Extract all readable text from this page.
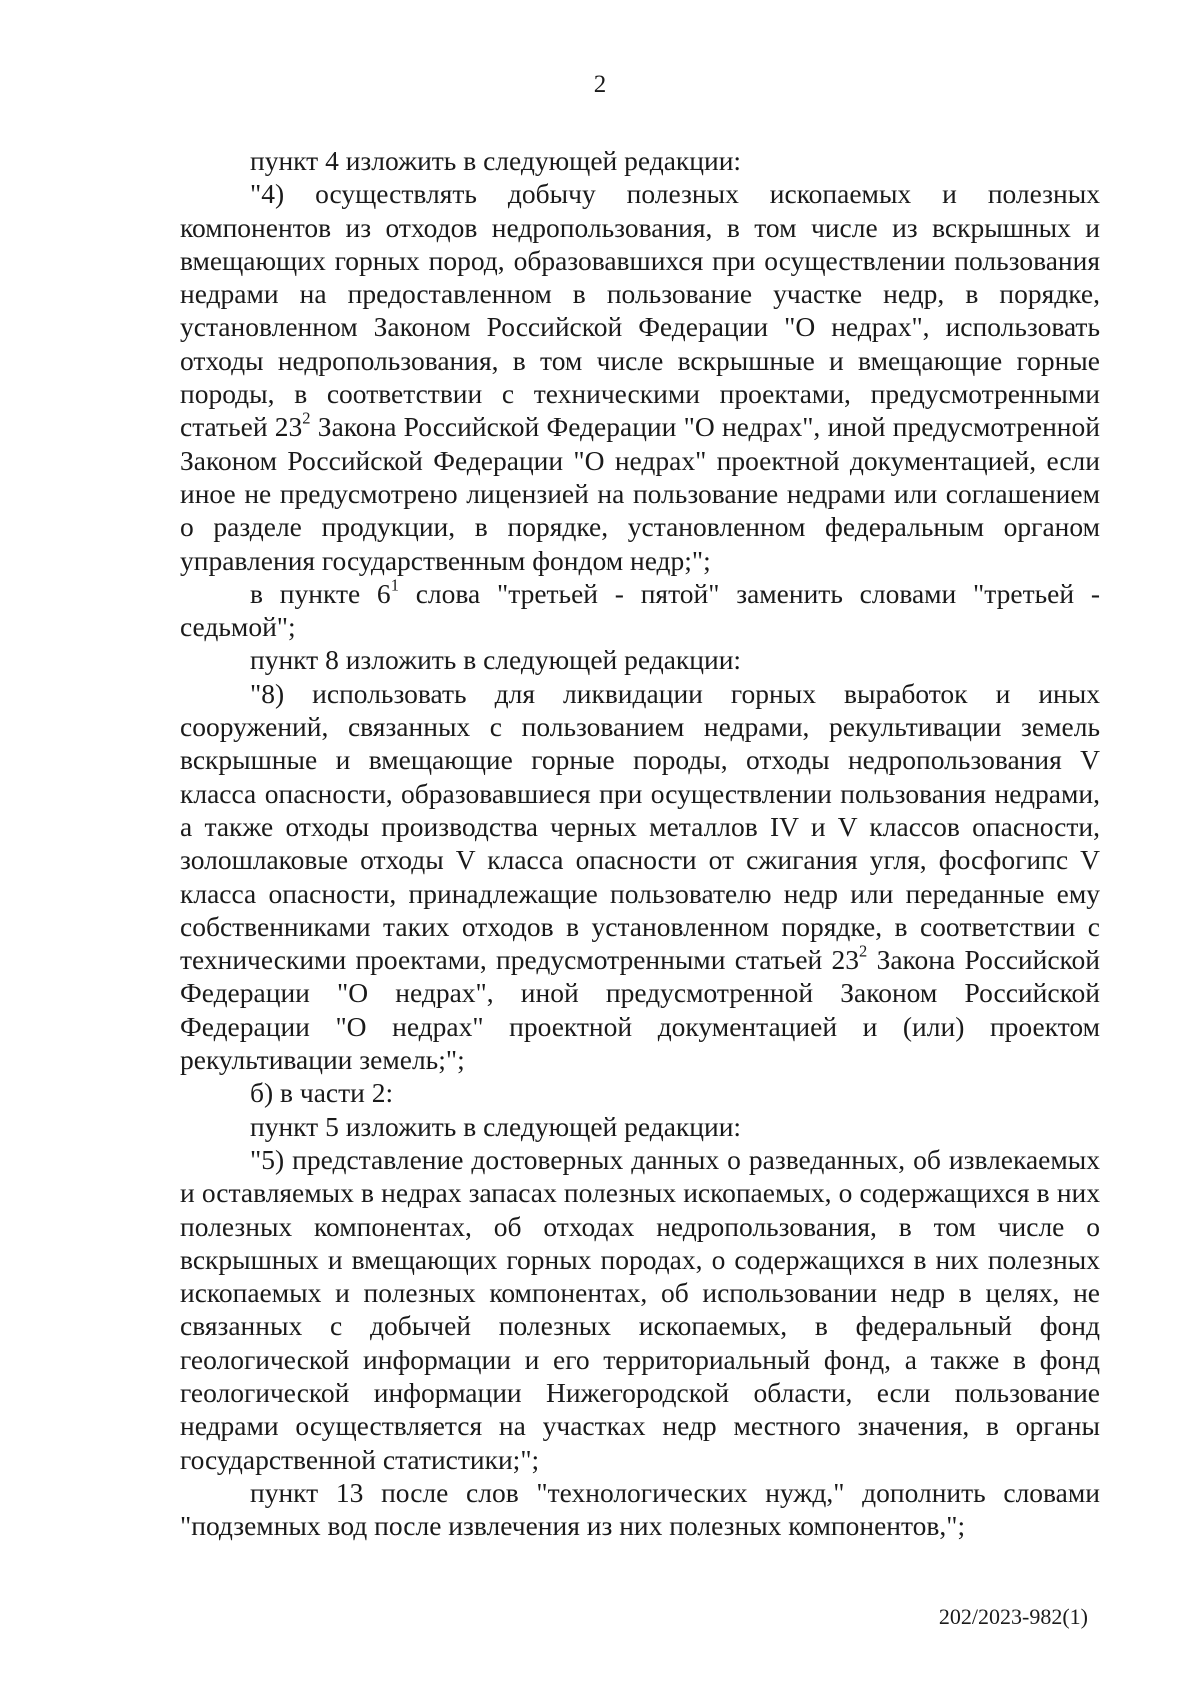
2

пункт 4 изложить в следующей редакции:

"4) осуществлять добычу полезных ископаемых и полезных компонентов из отходов недропользования, в том числе из вскрышных и вмещающих горных пород, образовавшихся при осуществлении пользования недрами на предоставленном в пользование участке недр, в порядке, установленном Законом Российской Федерации "О недрах", использовать отходы недропользования, в том числе вскрышные и вмещающие горные породы, в соответствии с техническими проектами, предусмотренными статьей $23^2$ Закона Российской Федерации "О недрах", иной предусмотренной Законом Российской Федерации "О недрах" проектной документацией, если иное не предусмотрено лицензией на пользование недрами или соглашением о разделе продукции, в порядке, установленном федеральным органом управления государственным фондом недр;";

в пункте $6^1$ слова "третьей - пятой" заменить словами "третьей - седьмой";

пункт 8 изложить в следующей редакции:

"8) использовать для ликвидации горных выработок и иных сооружений, связанных с пользованием недрами, рекультивации земель вскрышные и вмещающие горные породы, отходы недропользования V класса опасности, образовавшиеся при осуществлении пользования недрами, а также отходы производства черных металлов IV и V классов опасности, золошлаковые отходы V класса опасности от сжигания угля, фосфогипс V класса опасности, принадлежащие пользователю недр или переданные ему собственниками таких отходов в установленном порядке, в соответствии с техническими проектами, предусмотренными статьей $23^2$ Закона Российской Федерации "О недрах", иной предусмотренной Законом Российской Федерации "О недрах" проектной документацией и (или) проектом рекультивации земель;";

б) в части 2:

пункт 5 изложить в следующей редакции:

"5) представление достоверных данных о разведанных, об извлекаемых и оставляемых в недрах запасах полезных ископаемых, о содержащихся в них полезных компонентах, об отходах недропользования, в том числе о вскрышных и вмещающих горных породах, о содержащихся в них полезных ископаемых и полезных компонентах, об использовании недр в целях, не связанных с добычей полезных ископаемых, в федеральный фонд геологической информации и его территориальный фонд, а также в фонд геологической информации Нижегородской области, если пользование недрами осуществляется на участках недр местного значения, в органы государственной статистики;";

пункт 13 после слов "технологических нужд," дополнить словами "подземных вод после извлечения из них полезных компонентов,";

202/2023-982(1)
